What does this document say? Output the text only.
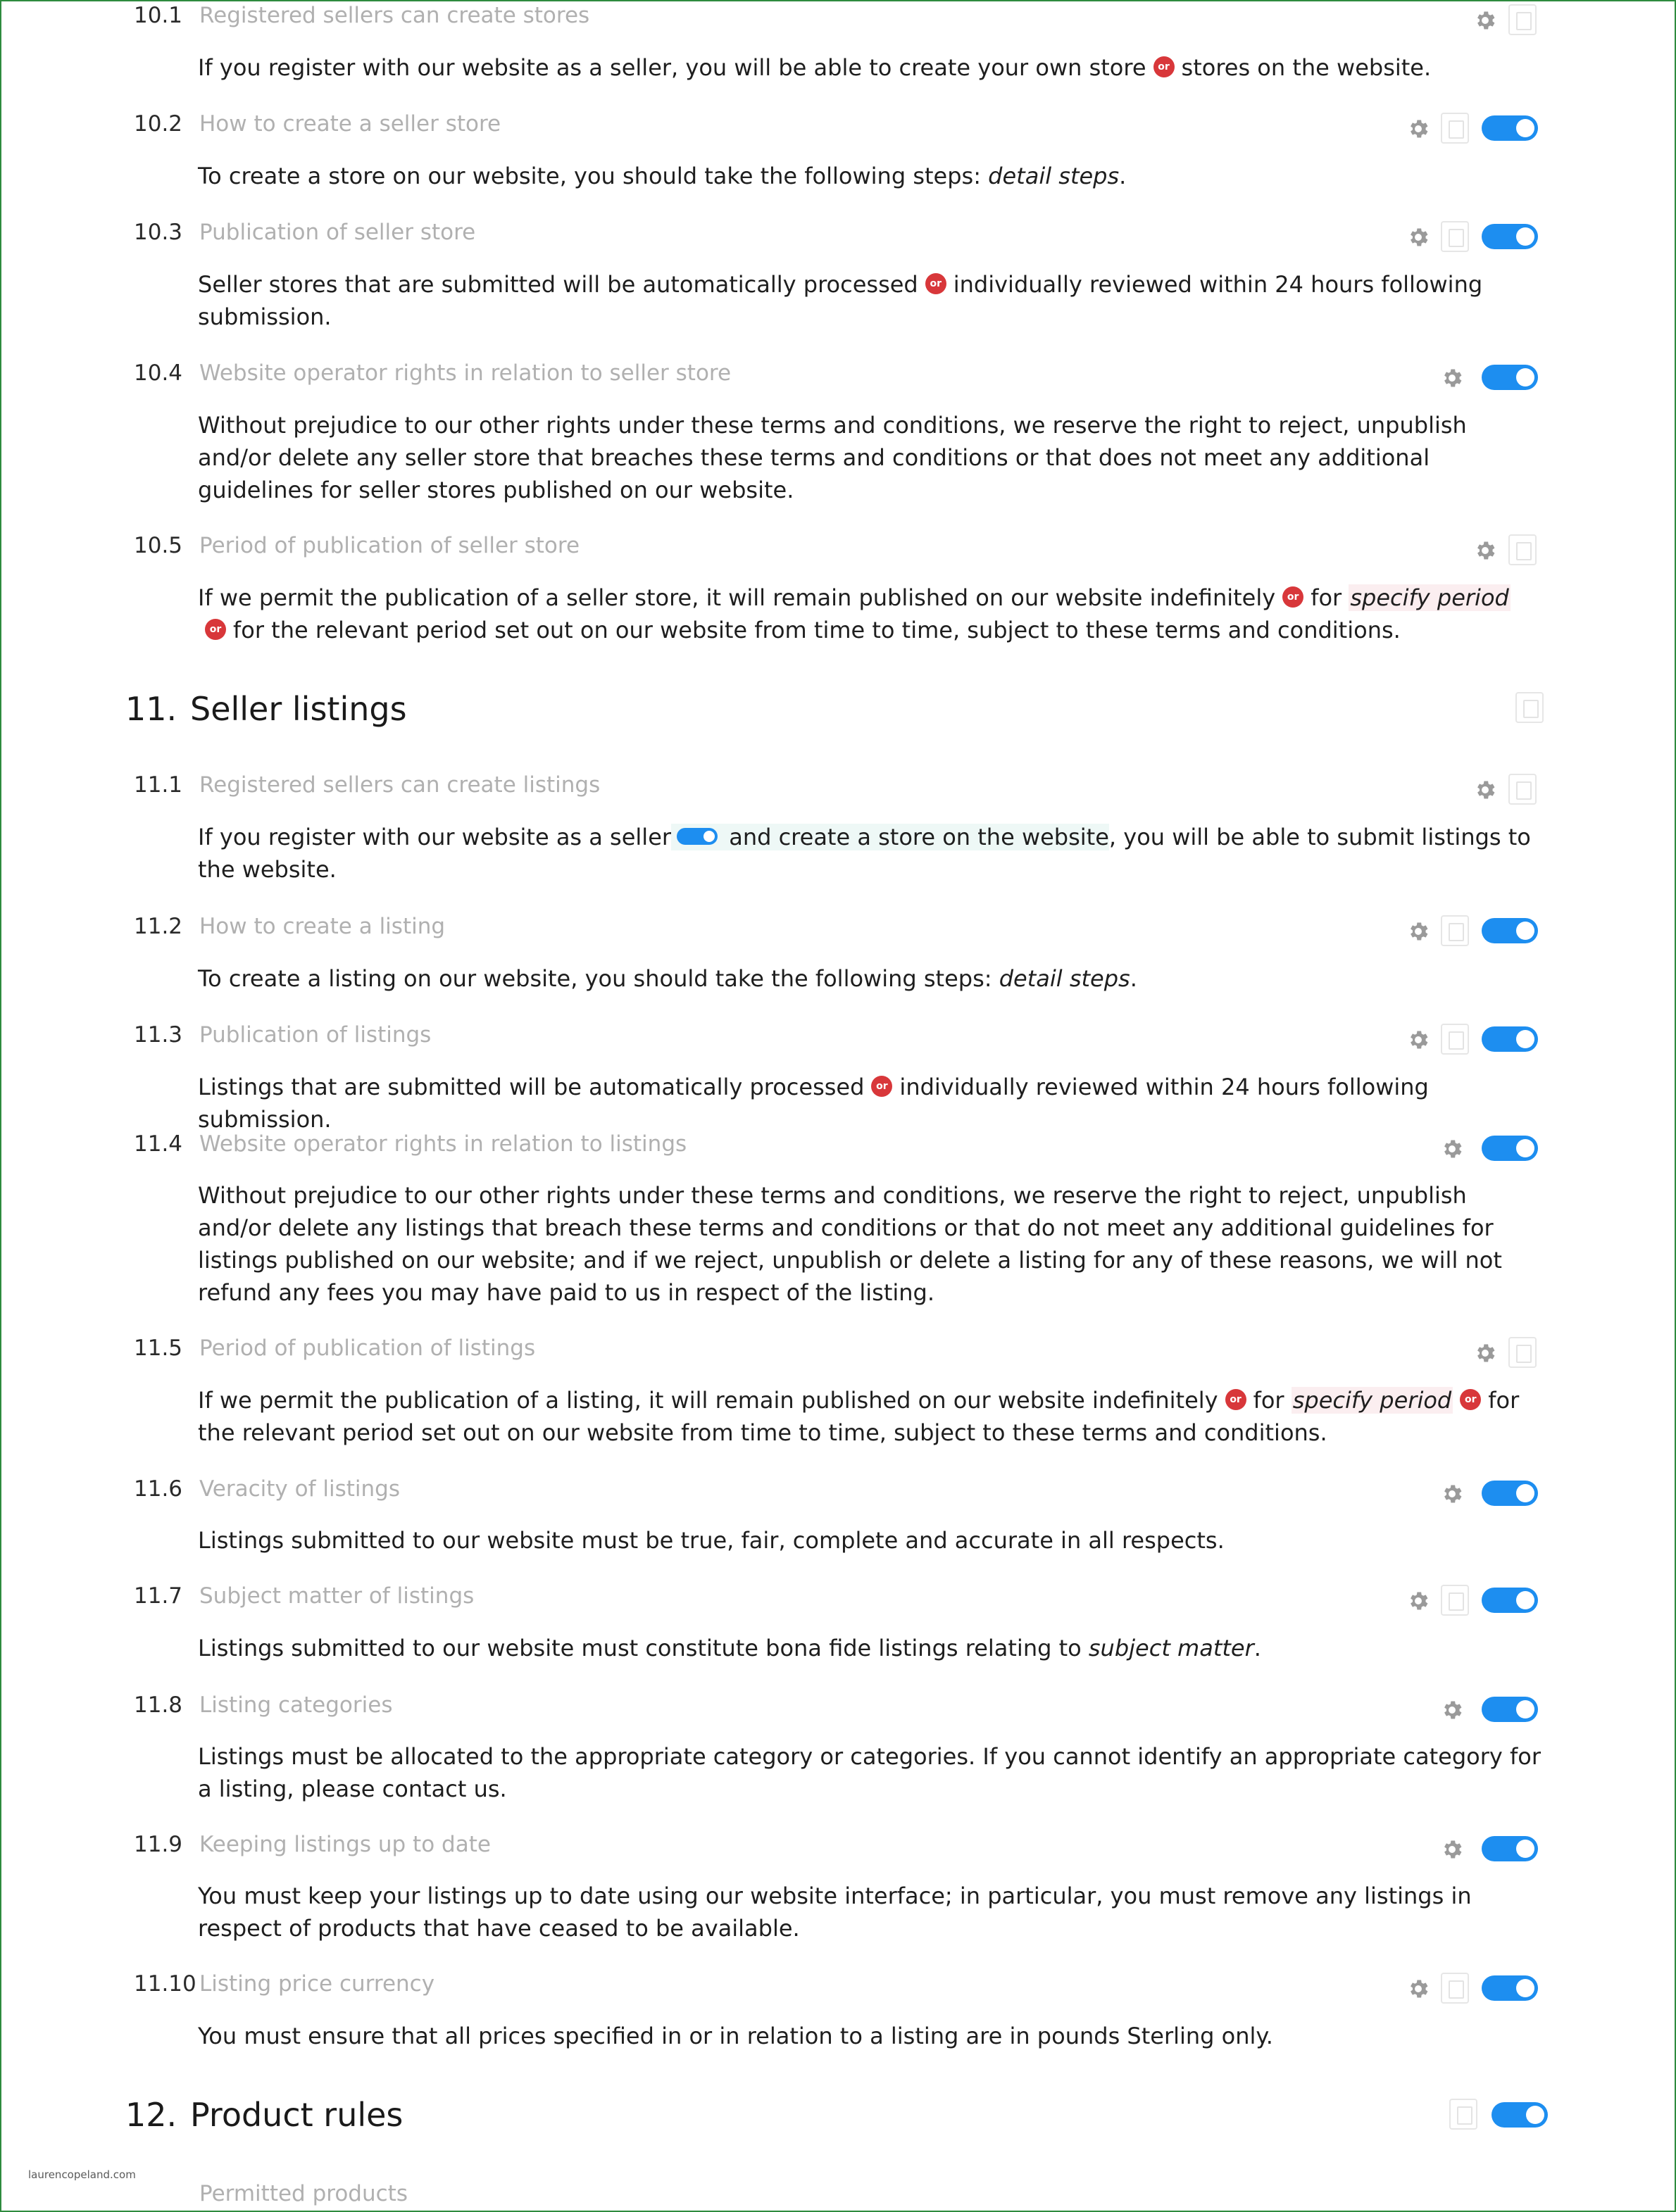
10.1 Registered sellers can create stores
If you register with our website as a seller, you will be able to create your own store or stores on the website.
10.2 How to create a seller store
To create a store on our website, you should take the following steps: detail steps.
10.3 Publication of seller store
Seller stores that are submitted will be automatically processed or individually reviewed within 24 hours following submission.
10.4 Website operator rights in relation to seller store
Without prejudice to our other rights under these terms and conditions, we reserve the right to reject, unpublish and/or delete any seller store that breaches these terms and conditions or that does not meet any additional guidelines for seller stores published on our website.
10.5 Period of publication of seller store
If we permit the publication of a seller store, it will remain published on our website indefinitely or for specify periodor for the relevant period set out on our website from time to time, subject to these terms and conditions.
11. Seller listings
11.1 Registered sellers can create listings
If you register with our website as a seller and create a store on the website, you will be able to submit listings to the website.
11.2 How to create a listing
To create a listing on our website, you should take the following steps: detail steps.
11.3 Publication of listings
Listings that are submitted will be automatically processed or individually reviewed within 24 hours following submission.
11.4 Website operator rights in relation to listings
Without prejudice to our other rights under these terms and conditions, we reserve the right to reject, unpublish and/or delete any listings that breach these terms and conditions or that do not meet any additional guidelines for listings published on our website; and if we reject, unpublish or delete a listing for any of these reasons, we will not refund any fees you may have paid to us in respect of the listing.
11.5 Period of publication of listings
If we permit the publication of a listing, it will remain published on our website indefinitely or for specify period or for the relevant period set out on our website from time to time, subject to these terms and conditions.
11.6 Veracity of listings
Listings submitted to our website must be true, fair, complete and accurate in all respects.
11.7 Subject matter of listings
Listings submitted to our website must constitute bona fide listings relating to subject matter.
11.8 Listing categories
Listings must be allocated to the appropriate category or categories. If you cannot identify an appropriate category for a listing, please contact us.
11.9 Keeping listings up to date
You must keep your listings up to date using our website interface; in particular, you must remove any listings in respect of products that have ceased to be available.
11.10 Listing price currency
You must ensure that all prices specified in or in relation to a listing are in pounds Sterling only.
12. Product rules
Permitted products
laurencopeland.com
